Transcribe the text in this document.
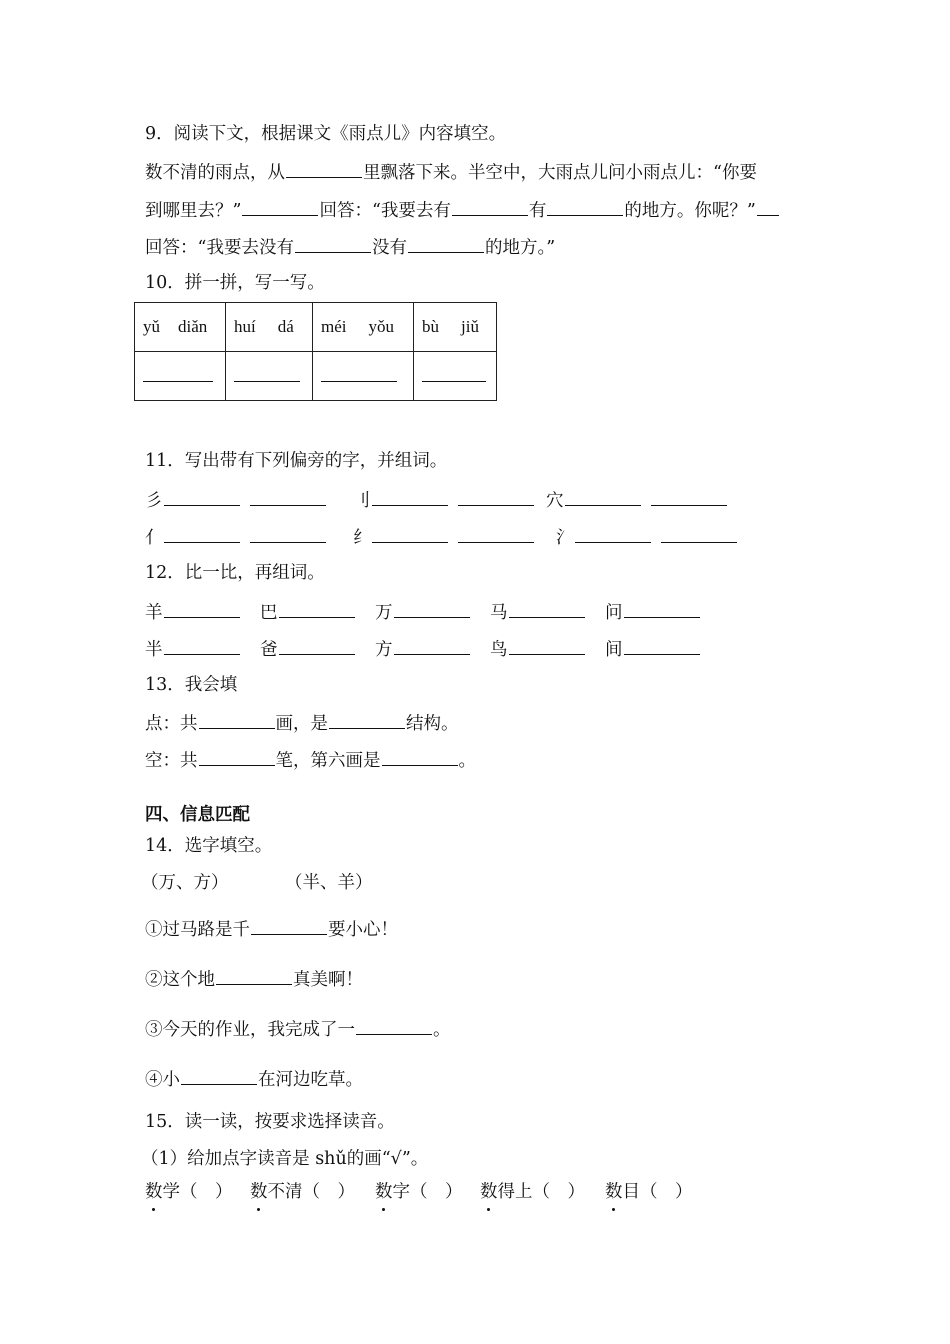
9．阅读下文，根据课文《雨点儿》内容填空。
数不清的雨点，从	里飘落下来。半空中，大雨点儿问小雨点儿：“你要
到哪里去？”	回答：“我要去有	有	的地方。你呢？”
回答：“我要去没有	没有	的地方。”
10．拼一拼，写一写。
yǔ diǎn	huí dá	méi yǒu	bù jiǔ

11．写出带有下列偏旁的字，并组词。
彡	刂	穴
亻	纟	氵
12．比一比，再组词。
羊	巴	万	马	问
半	爸	方	鸟	间
13．我会填
点：共	画，是	结构。
空：共	笔，第六画是	。
四、信息匹配
14．选字填空。
（万、方）	（半、羊）
①过马路是千	要小心！
②这个地	真美啊！
③今天的作业，我完成了一	。
④小	在河边吃草。
15．读一读，按要求选择读音。
（1）给加点字读音是 shǔ的画“√”。
数学（　） 数不清（　） 数字（　） 数得上（　） 数目（　）
